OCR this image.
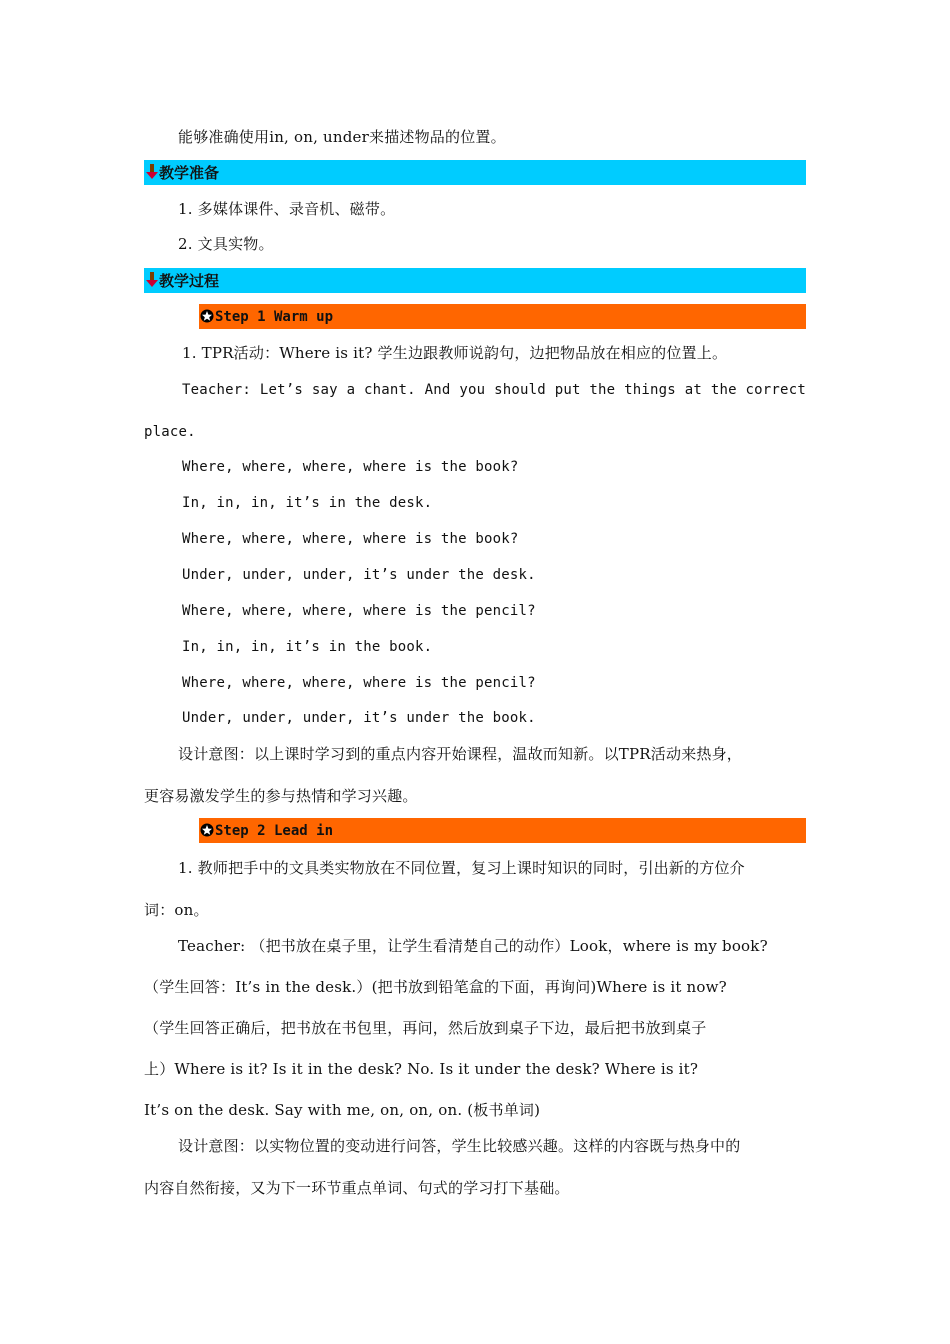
能够准确使用in, on, under来描述物品的位置。
教学准备
1. 多媒体课件、录音机、磁带。
2. 文具实物。
教学过程
Step 1 Warm up
1. TPR活动：Where is it? 学生边跟教师说韵句，边把物品放在相应的位置上。
Teacher: Let’s say a chant. And you should put the things at the correct
place.
Where, where, where, where is the book?
In, in, in, it’s in the desk.
Where, where, where, where is the book?
Under, under, under, it’s under the desk.
Where, where, where, where is the pencil?
In, in, in, it’s in the book.
Where, where, where, where is the pencil?
Under, under, under, it’s under the book.
设计意图：以上课时学习到的重点内容开始课程，温故而知新。以TPR活动来热身，
更容易激发学生的参与热情和学习兴趣。
Step 2 Lead in
1. 教师把手中的文具类实物放在不同位置，复习上课时知识的同时，引出新的方位介
词：on。
Teacher: （把书放在桌子里，让学生看清楚自己的动作）Look，where is my book?
（学生回答：It’s in the desk.）(把书放到铅笔盒的下面，再询问)Where is it now?
（学生回答正确后，把书放在书包里，再问，然后放到桌子下边，最后把书放到桌子
上）Where is it? Is it in the desk? No. Is it under the desk? Where is it?
It’s on the desk. Say with me, on, on, on. (板书单词)
设计意图：以实物位置的变动进行问答，学生比较感兴趣。这样的内容既与热身中的
内容自然衔接，又为下一环节重点单词、句式的学习打下基础。
